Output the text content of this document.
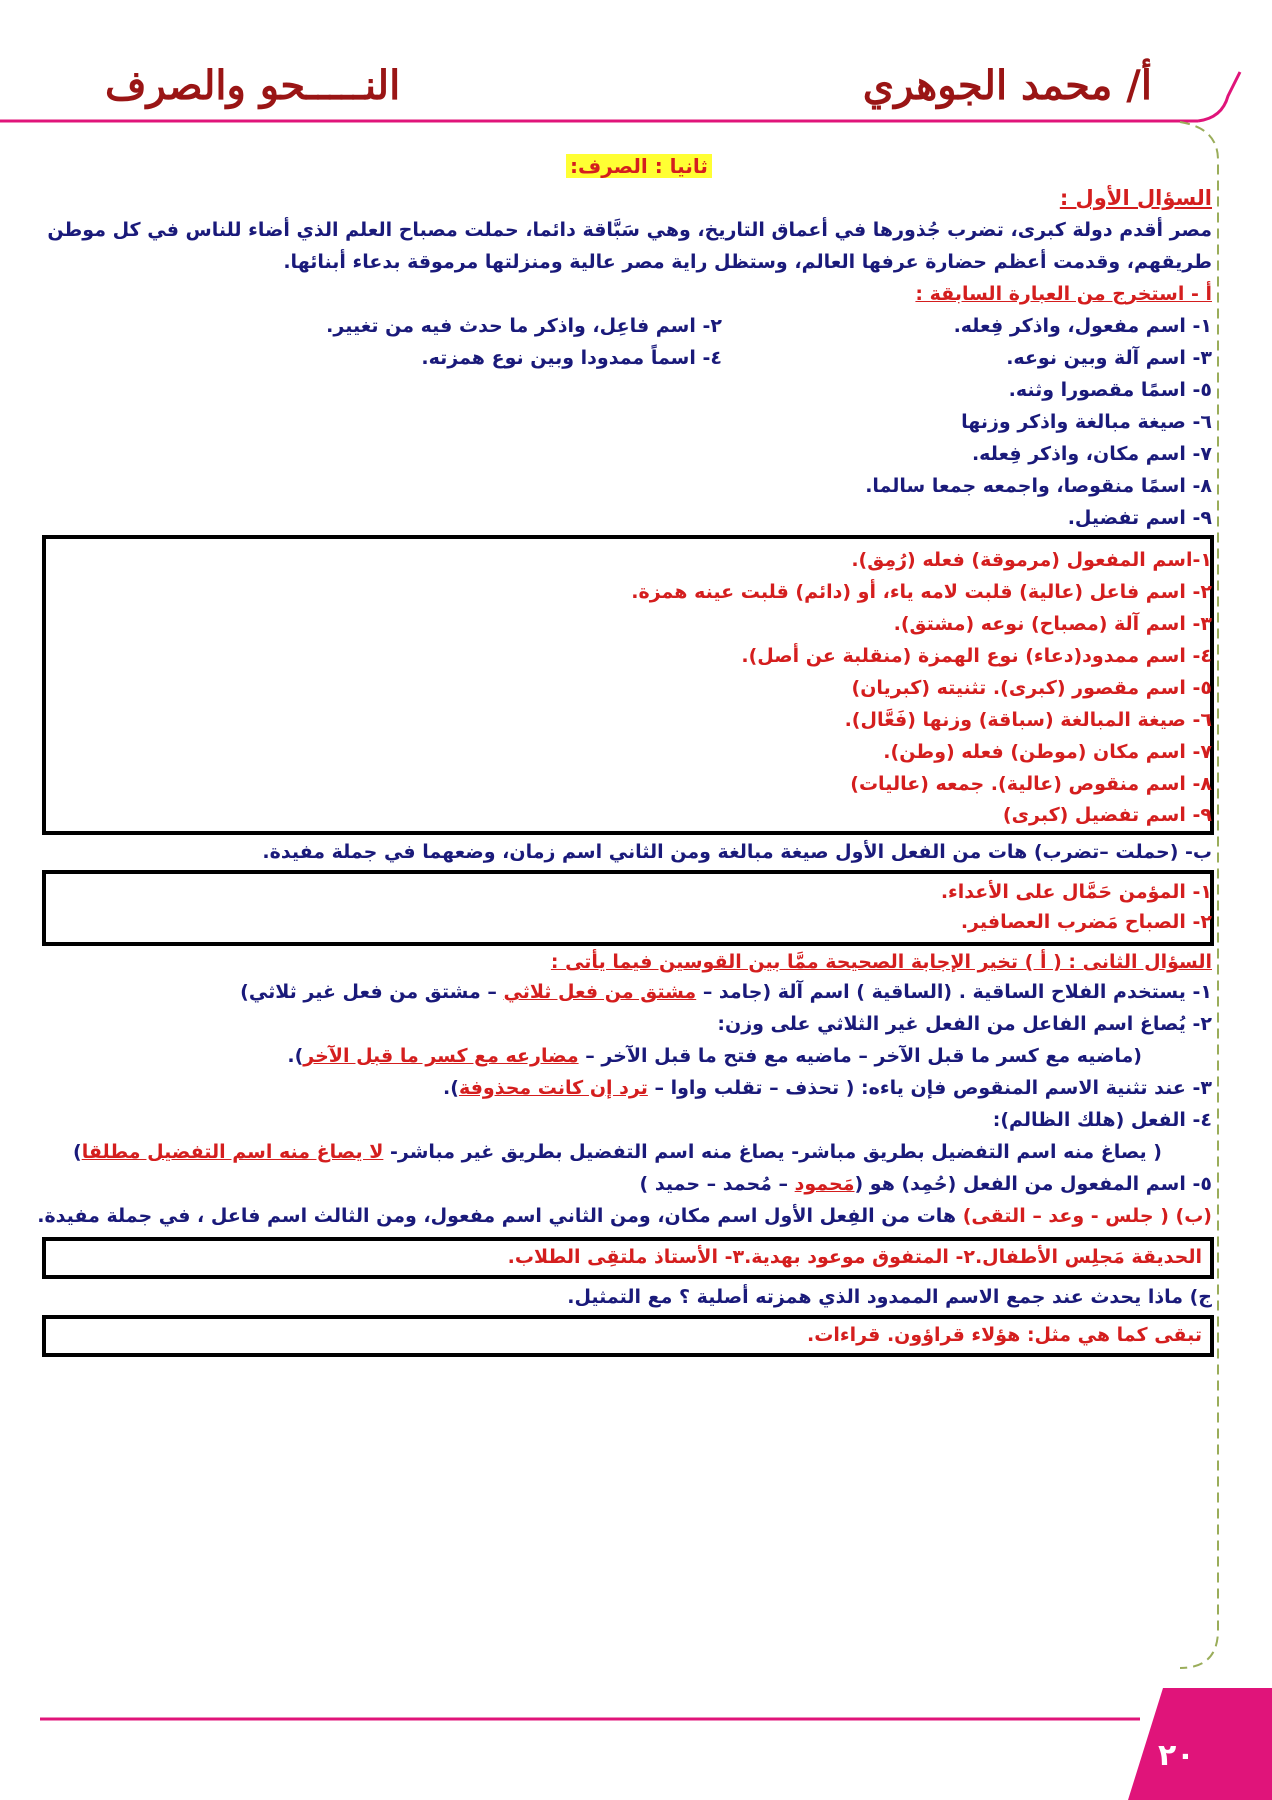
أ/ محمد الجوهري
النـــــحو والصرف
ثانيا : الصرف:
السؤال الأول :
مصر أقدم دولة كبرى، تضرب جُذورها في أعماق التاريخ، وهي سَبَّاقة دائما، حملت مصباح العلم الذي أضاء للناس في كل موطن
طريقهم، وقدمت أعظم حضارة عرفها العالم، وستظل راية مصر عالية ومنزلتها مرموقة بدعاء أبنائها.
أ - استخرج من العبارة السابقة :
١- اسم مفعول، واذكر فِعله.
٢- اسم فاعِل، واذكر ما حدث فيه من تغيير.
٣- اسم آلة وبين نوعه.
٤- اسماً ممدودا وبين نوع همزته.
٥- اسمًا مقصورا وثنه.
٦- صيغة مبالغة واذكر وزنها
٧- اسم مكان، واذكر فِعله.
٨- اسمًا منقوصا، واجمعه جمعا سالما.
٩- اسم تفضيل.
١-اسم المفعول (مرموقة) فعله (رُمِق).
٢- اسم فاعل (عالية) قلبت لامه ياء، أو (دائم) قلبت عينه همزة.
٣- اسم آلة (مصباح) نوعه (مشتق).
٤- اسم ممدود(دعاء) نوع الهمزة (منقلبة عن أصل).
٥- اسم مقصور (كبرى). تثنيته (كبريان)
٦- صيغة المبالغة (سباقة) وزنها (فَعَّال).
٧- اسم مكان (موطن) فعله (وطن).
٨- اسم منقوص (عالية). جمعه (عاليات)
٩- اسم تفضيل (كبرى)
ب- (حملت –تضرب) هات من الفعل الأول صيغة مبالغة ومن الثاني اسم زمان، وضعهما في جملة مفيدة.
١- المؤمن حَمَّال على الأعداء.
٢- الصباح مَضرب العصافير.
السؤال الثانى : ( أ ) تخير الإجابة الصحيحة ممَّا بين القوسين فيما يأتى :
١- يستخدم الفلاح الساقية . (الساقية ) اسم آلة (جامد – مشتق من فعل ثلاثي – مشتق من فعل غير ثلاثي)
٢- يُصاغ اسم الفاعل من الفعل غير الثلاثي على وزن:
(ماضيه مع كسر ما قبل الآخر – ماضيه مع فتح ما قبل الآخر – مضارعه مع كسر ما قبل الآخر).
٣- عند تثنية الاسم المنقوص فإن ياءه: ( تحذف – تقلب واوا – ترد إن كانت محذوفة).
٤- الفعل (هلك الظالم):
( يصاغ منه اسم التفضيل بطريق مباشر- يصاغ منه اسم التفضيل بطريق غير مباشر- لا يصاغ منه اسم التفضيل مطلقا)
٥- اسم المفعول من الفعل (حُمِد) هو (مَحمود – مُحمد – حميد )
(ب) ( جلس - وعد – التقى) هات من الفِعل الأول اسم مكان، ومن الثاني اسم مفعول، ومن الثالث اسم فاعل ، في جملة مفيدة.
الحديقة مَجلِس الأطفال.٢- المتفوق موعود بهدية.٣- الأستاذ ملتقِى الطلاب.
ج) ماذا يحدث عند جمع الاسم الممدود الذي همزته أصلية ؟ مع التمثيل.
تبقى كما هي مثل: هؤلاء قراؤون. قراءات.
٢٠
